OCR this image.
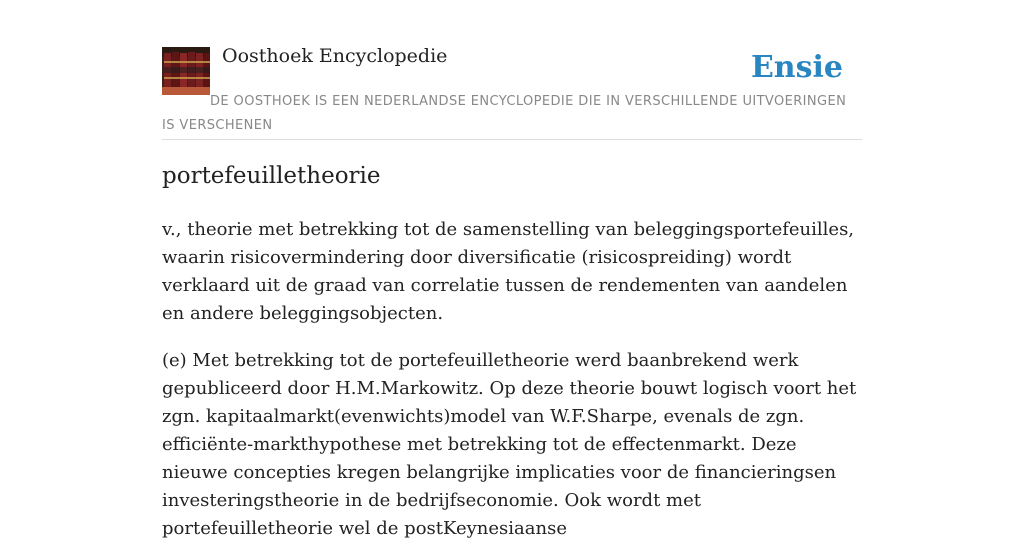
Oosthoek Encyclopedie	Ensie
DE OOSTHOEK IS EEN NEDERLANDSE ENCYCLOPEDIE DIE IN VERSCHILLENDE UITVOERINGEN IS VERSCHENEN
portefeuilletheorie

v., theorie met betrekking tot de samenstelling van beleggingsportefeuilles, waarin risicovermindering door diversificatie (risicospreiding) wordt verklaard uit de graad van correlatie tussen de rendementen van aandelen en andere beleggingsobjecten.

(e) Met betrekking tot de portefeuilletheorie werd baanbrekend werk gepubliceerd door H.M.Markowitz. Op deze theorie bouwt logisch voort het zgn. kapitaalmarkt(evenwichts)model van W.F.Sharpe, evenals de zgn. efficiënte-markthypothese met betrekking tot de effectenmarkt. Deze nieuwe concepties kregen belangrijke implicaties voor de financieringsen investeringstheorie in de bedrijfseconomie. Ook wordt met portefeuilletheorie wel de postKeynesiaanse
